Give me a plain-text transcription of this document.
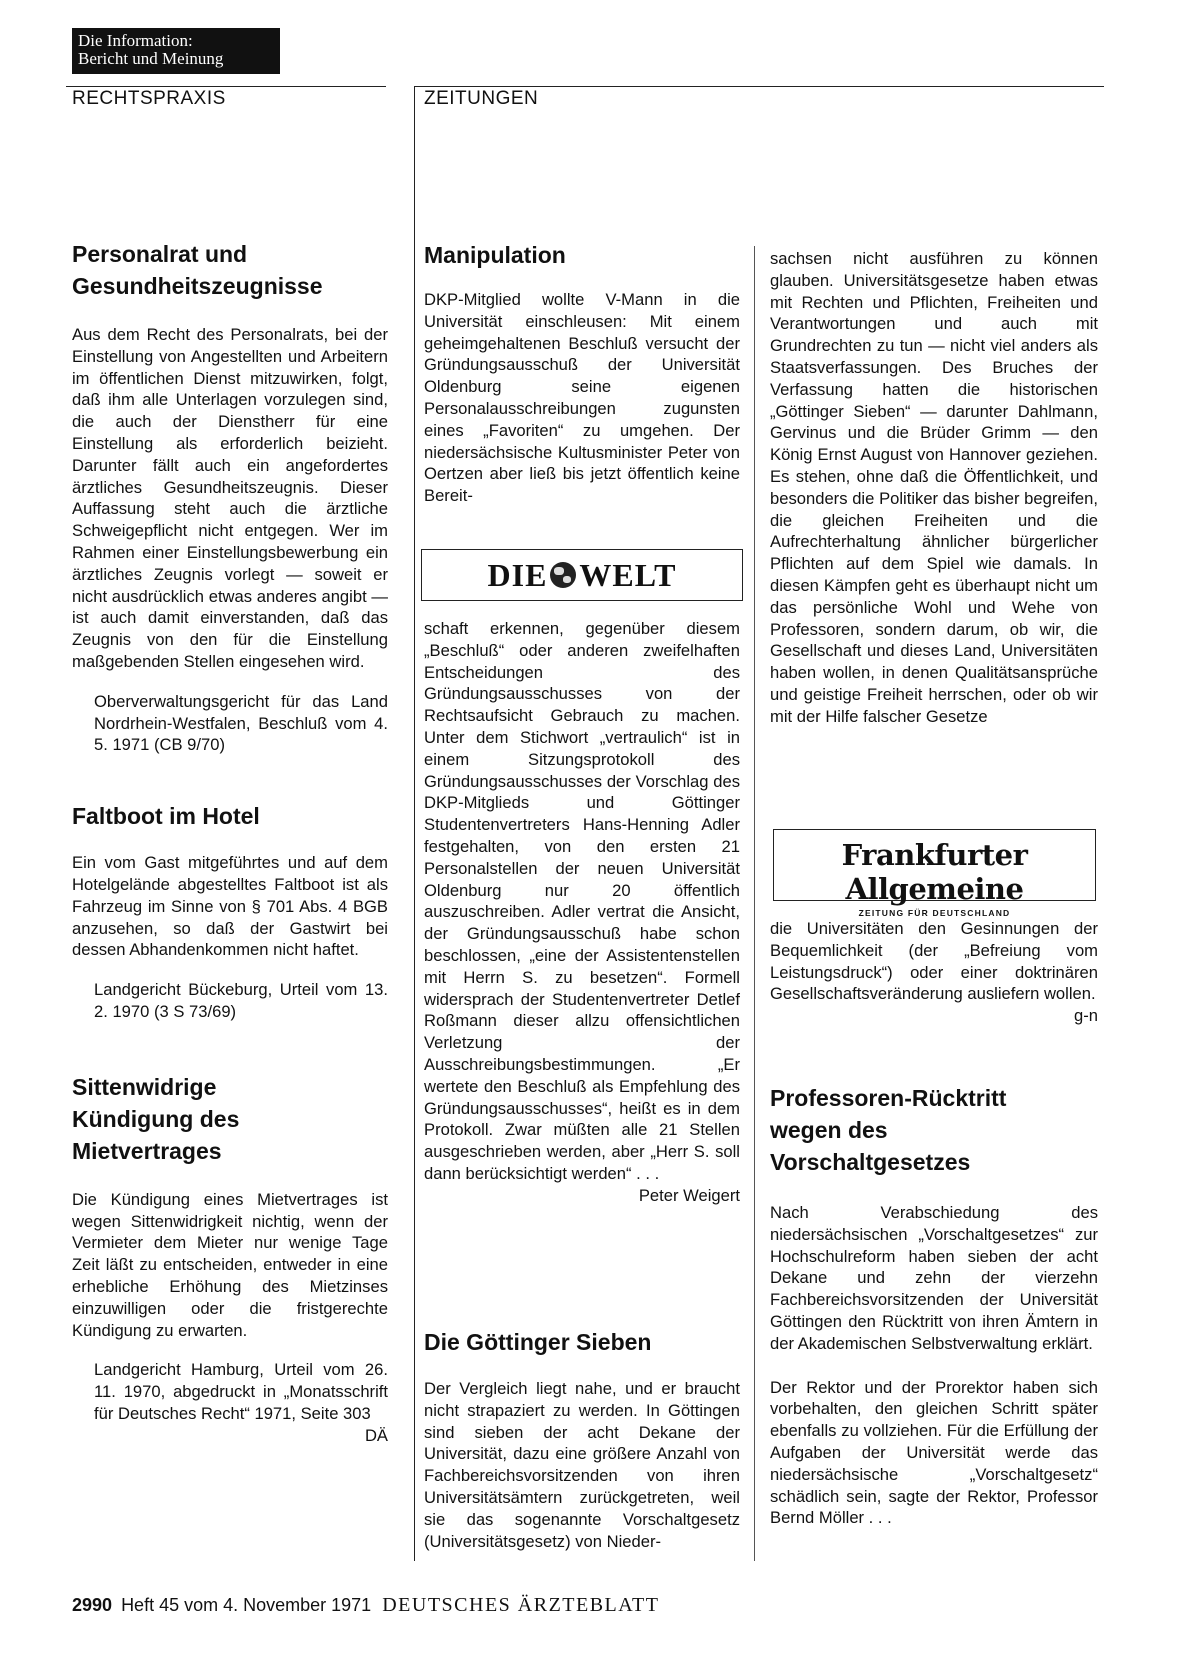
Die Information:
Bericht und Meinung
RECHTSPRAXIS	ZEITUNGEN
Personalrat und
Gesundheitszeugnisse

Aus dem Recht des Personalrats, bei der Einstellung von Angestellten und Arbeitern im öffentlichen Dienst mitzuwirken, folgt, daß ihm alle Unterlagen vorzulegen sind, die auch der Dienstherr für eine Einstellung als erforderlich beizieht. Darunter fällt auch ein angefordertes ärztliches Gesundheitszeugnis. Dieser Auffassung steht auch die ärztliche Schweigepflicht nicht entgegen. Wer im Rahmen einer Einstellungsbewerbung ein ärztliches Zeugnis vorlegt — soweit er nicht ausdrücklich etwas anderes angibt — ist auch damit einverstanden, daß das Zeugnis von den für die Einstellung maßgebenden Stellen eingesehen wird.

Oberverwaltungsgericht für das Land Nordrhein-Westfalen, Beschluß vom 4. 5. 1971 (CB 9/70)
Faltboot im Hotel

Ein vom Gast mitgeführtes und auf dem Hotelgelände abgestelltes Faltboot ist als Fahrzeug im Sinne von § 701 Abs. 4 BGB anzusehen, so daß der Gastwirt bei dessen Abhandenkommen nicht haftet.

Landgericht Bückeburg, Urteil vom 13. 2. 1970 (3 S 73/69)
Sittenwidrige
Kündigung des
Mietvertrages

Die Kündigung eines Mietvertrages ist wegen Sittenwidrigkeit nichtig, wenn der Vermieter dem Mieter nur wenige Tage Zeit läßt zu entscheiden, entweder in eine erhebliche Erhöhung des Mietzinses einzuwilligen oder die fristgerechte Kündigung zu erwarten.

Landgericht Hamburg, Urteil vom 26. 11. 1970, abgedruckt in „Monatsschrift für Deutsches Recht“ 1971, Seite 303
DÄ
Manipulation

DKP-Mitglied wollte V-Mann in die Universität einschleusen: Mit einem geheimgehaltenen Beschluß versucht der Gründungsausschuß der Universität Oldenburg seine eigenen Personalausschreibungen zugunsten eines „Favoriten“ zu umgehen. Der niedersächsische Kultusminister Peter von Oertzen aber ließ bis jetzt öffentlich keine Bereit-

DIE WELT

schaft erkennen, gegenüber diesem „Beschluß“ oder anderen zweifelhaften Entscheidungen des Gründungsausschusses von der Rechtsaufsicht Gebrauch zu machen. Unter dem Stichwort „vertraulich“ ist in einem Sitzungsprotokoll des Gründungsausschusses der Vorschlag des DKP-Mitglieds und Göttinger Studentenvertreters Hans-Henning Adler festgehalten, von den ersten 21 Personalstellen der neuen Universität Oldenburg nur 20 öffentlich auszuschreiben. Adler vertrat die Ansicht, der Gründungsausschuß habe schon beschlossen, „eine der Assistentenstellen mit Herrn S. zu besetzen“. Formell widersprach der Studentenvertreter Detlef Roßmann dieser allzu offensichtlichen Verletzung der Ausschreibungsbestimmungen. „Er wertete den Beschluß als Empfehlung des Gründungsausschusses“, heißt es in dem Protokoll. Zwar müßten alle 21 Stellen ausgeschrieben werden, aber „Herr S. soll dann berücksichtigt werden“ . . .

Peter Weigert
Die Göttinger Sieben

Der Vergleich liegt nahe, und er braucht nicht strapaziert zu werden. In Göttingen sind sieben der acht Dekane der Universität, dazu eine größere Anzahl von Fachbereichsvorsitzenden von ihren Universitätsämtern zurückgetreten, weil sie das sogenannte Vorschaltgesetz (Universitätsgesetz) von Nieder-

sachsen nicht ausführen zu können glauben. Universitätsgesetze haben etwas mit Rechten und Pflichten, Freiheiten und Verantwortungen und auch mit Grundrechten zu tun — nicht viel anders als Staatsverfassungen. Des Bruches der Verfassung hatten die historischen „Göttinger Sieben“ — darunter Dahlmann, Gervinus und die Brüder Grimm — den König Ernst August von Hannover geziehen. Es stehen, ohne daß die Öffentlichkeit, und besonders die Politiker das bisher begreifen, die gleichen Freiheiten und die Aufrechterhaltung ähnlicher bürgerlicher Pflichten auf dem Spiel wie damals. In diesen Kämpfen geht es überhaupt nicht um das persönliche Wohl und Wehe von Professoren, sondern darum, ob wir, die Gesellschaft und dieses Land, Universitäten haben wollen, in denen Qualitätsansprüche und geistige Freiheit herrschen, oder ob wir mit der Hilfe falscher Gesetze

Frankfurter Allgemeine
ZEITUNG FÜR DEUTSCHLAND

die Universitäten den Gesinnungen der Bequemlichkeit (der „Befreiung vom Leistungsdruck“) oder einer doktrinären Gesellschaftsveränderung ausliefern wollen.
g-n

Professoren-Rücktritt
wegen des
Vorschaltgesetzes

Nach Verabschiedung des niedersächsischen „Vorschaltgesetzes“ zur Hochschulreform haben sieben der acht Dekane und zehn der vierzehn Fachbereichsvorsitzenden der Universität Göttingen den Rücktritt von ihren Ämtern in der Akademischen Selbstverwaltung erklärt.

Der Rektor und der Prorektor haben sich vorbehalten, den gleichen Schritt später ebenfalls zu vollziehen. Für die Erfüllung der Aufgaben der Universität werde das niedersächsische „Vorschaltgesetz“ schädlich sein, sagte der Rektor, Professor Bernd Möller . . .

2990 Heft 45 vom 4. November 1971 DEUTSCHES ÄRZTEBLATT
